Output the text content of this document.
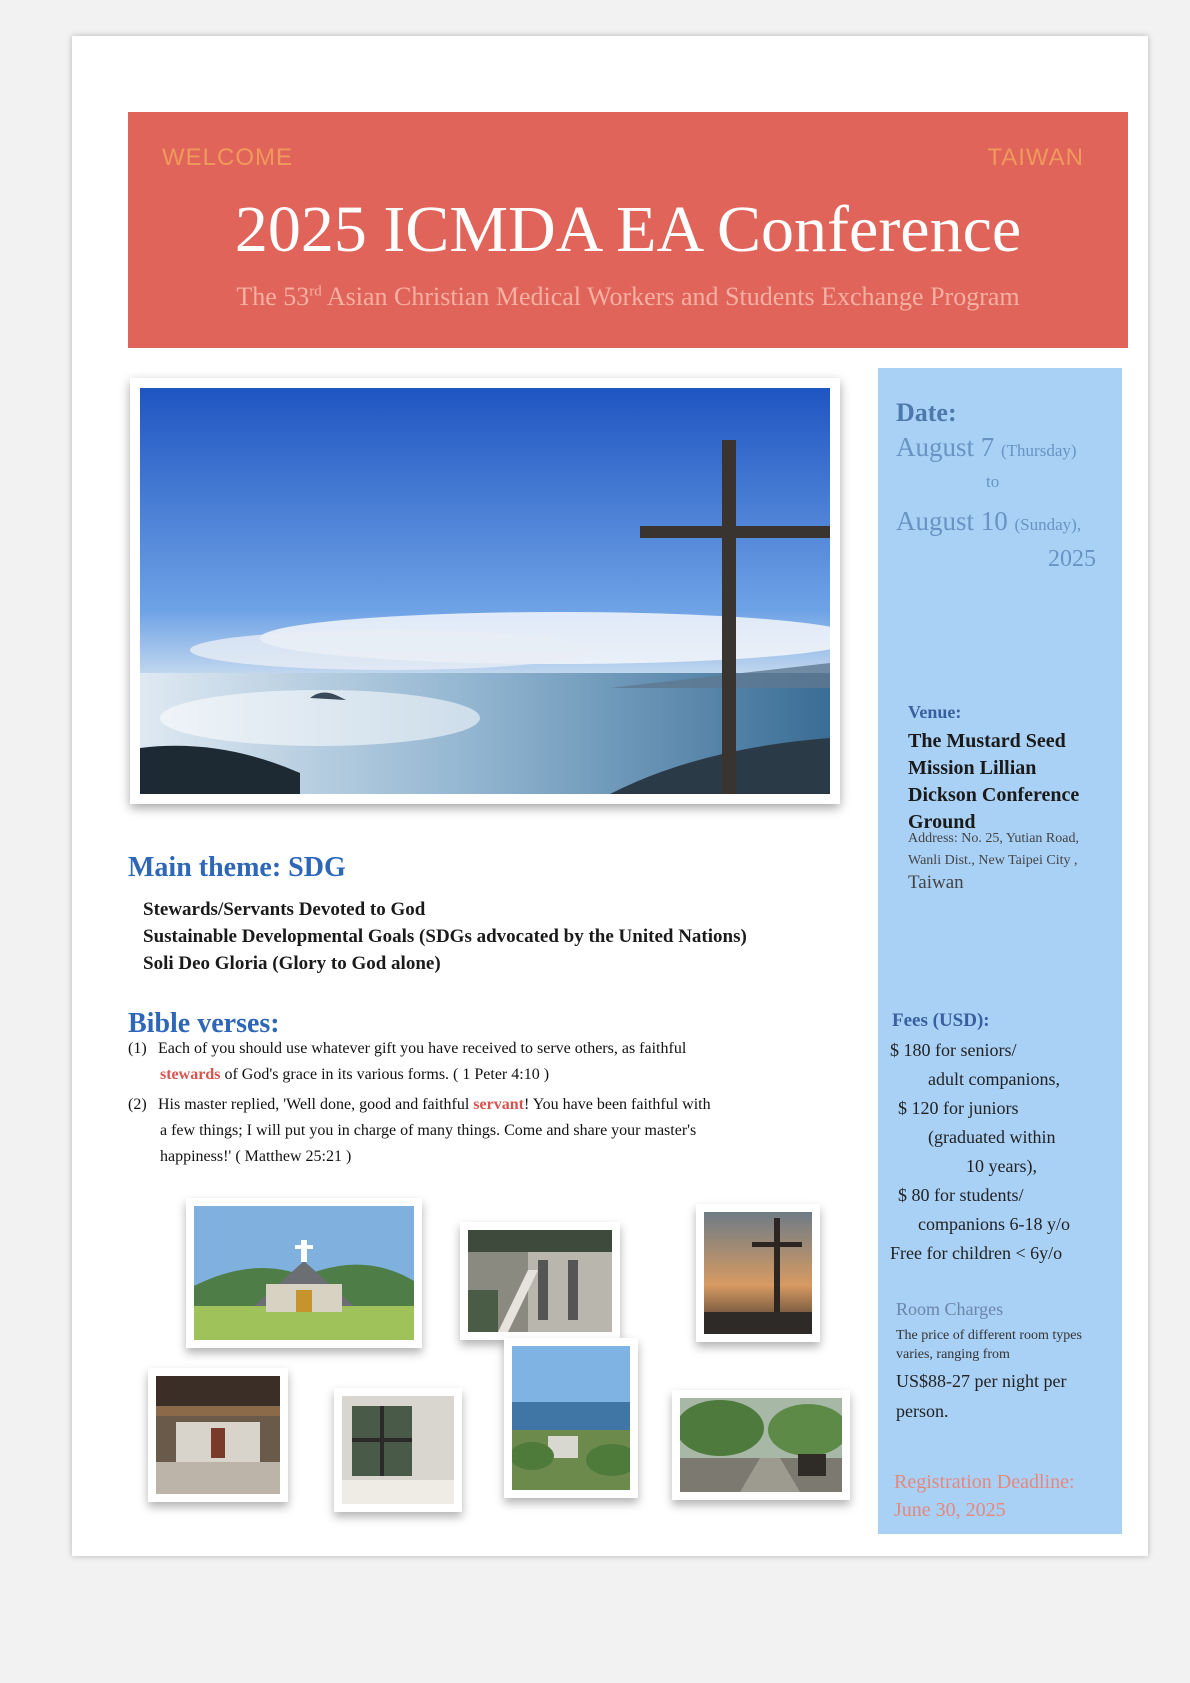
WELCOME	TAIWAN
2025 ICMDA EA Conference
The 53rd Asian Christian Medical Workers and Students Exchange Program
Date:
August 7 (Thursday)
to
August 10 (Sunday),
2025
Venue:
The Mustard Seed Mission Lillian Dickson Conference Ground
Address: No. 25, Yutian Road, Wanli Dist., New Taipei City , Taiwan
Fees (USD):
$ 180 for seniors/
adult companions,
$ 120 for juniors
(graduated within
10 years),
$ 80 for students/
companions 6-18 y/o
Free for children < 6y/o
Room Charges
The price of different room types varies, ranging from
US$88-27 per night per person.
Registration Deadline:
June 30, 2025
Main theme: SDG
Stewards/Servants Devoted to God
Sustainable Developmental Goals (SDGs advocated by the United Nations)
Soli Deo Gloria (Glory to God alone)
Bible verses:
(1) Each of you should use whatever gift you have received to serve others, as faithful
stewards of God's grace in its various forms. ( 1 Peter 4:10 )
(2) His master replied, 'Well done, good and faithful servant! You have been faithful with
a few things; I will put you in charge of many things. Come and share your master's
happiness!' ( Matthew 25:21 )
